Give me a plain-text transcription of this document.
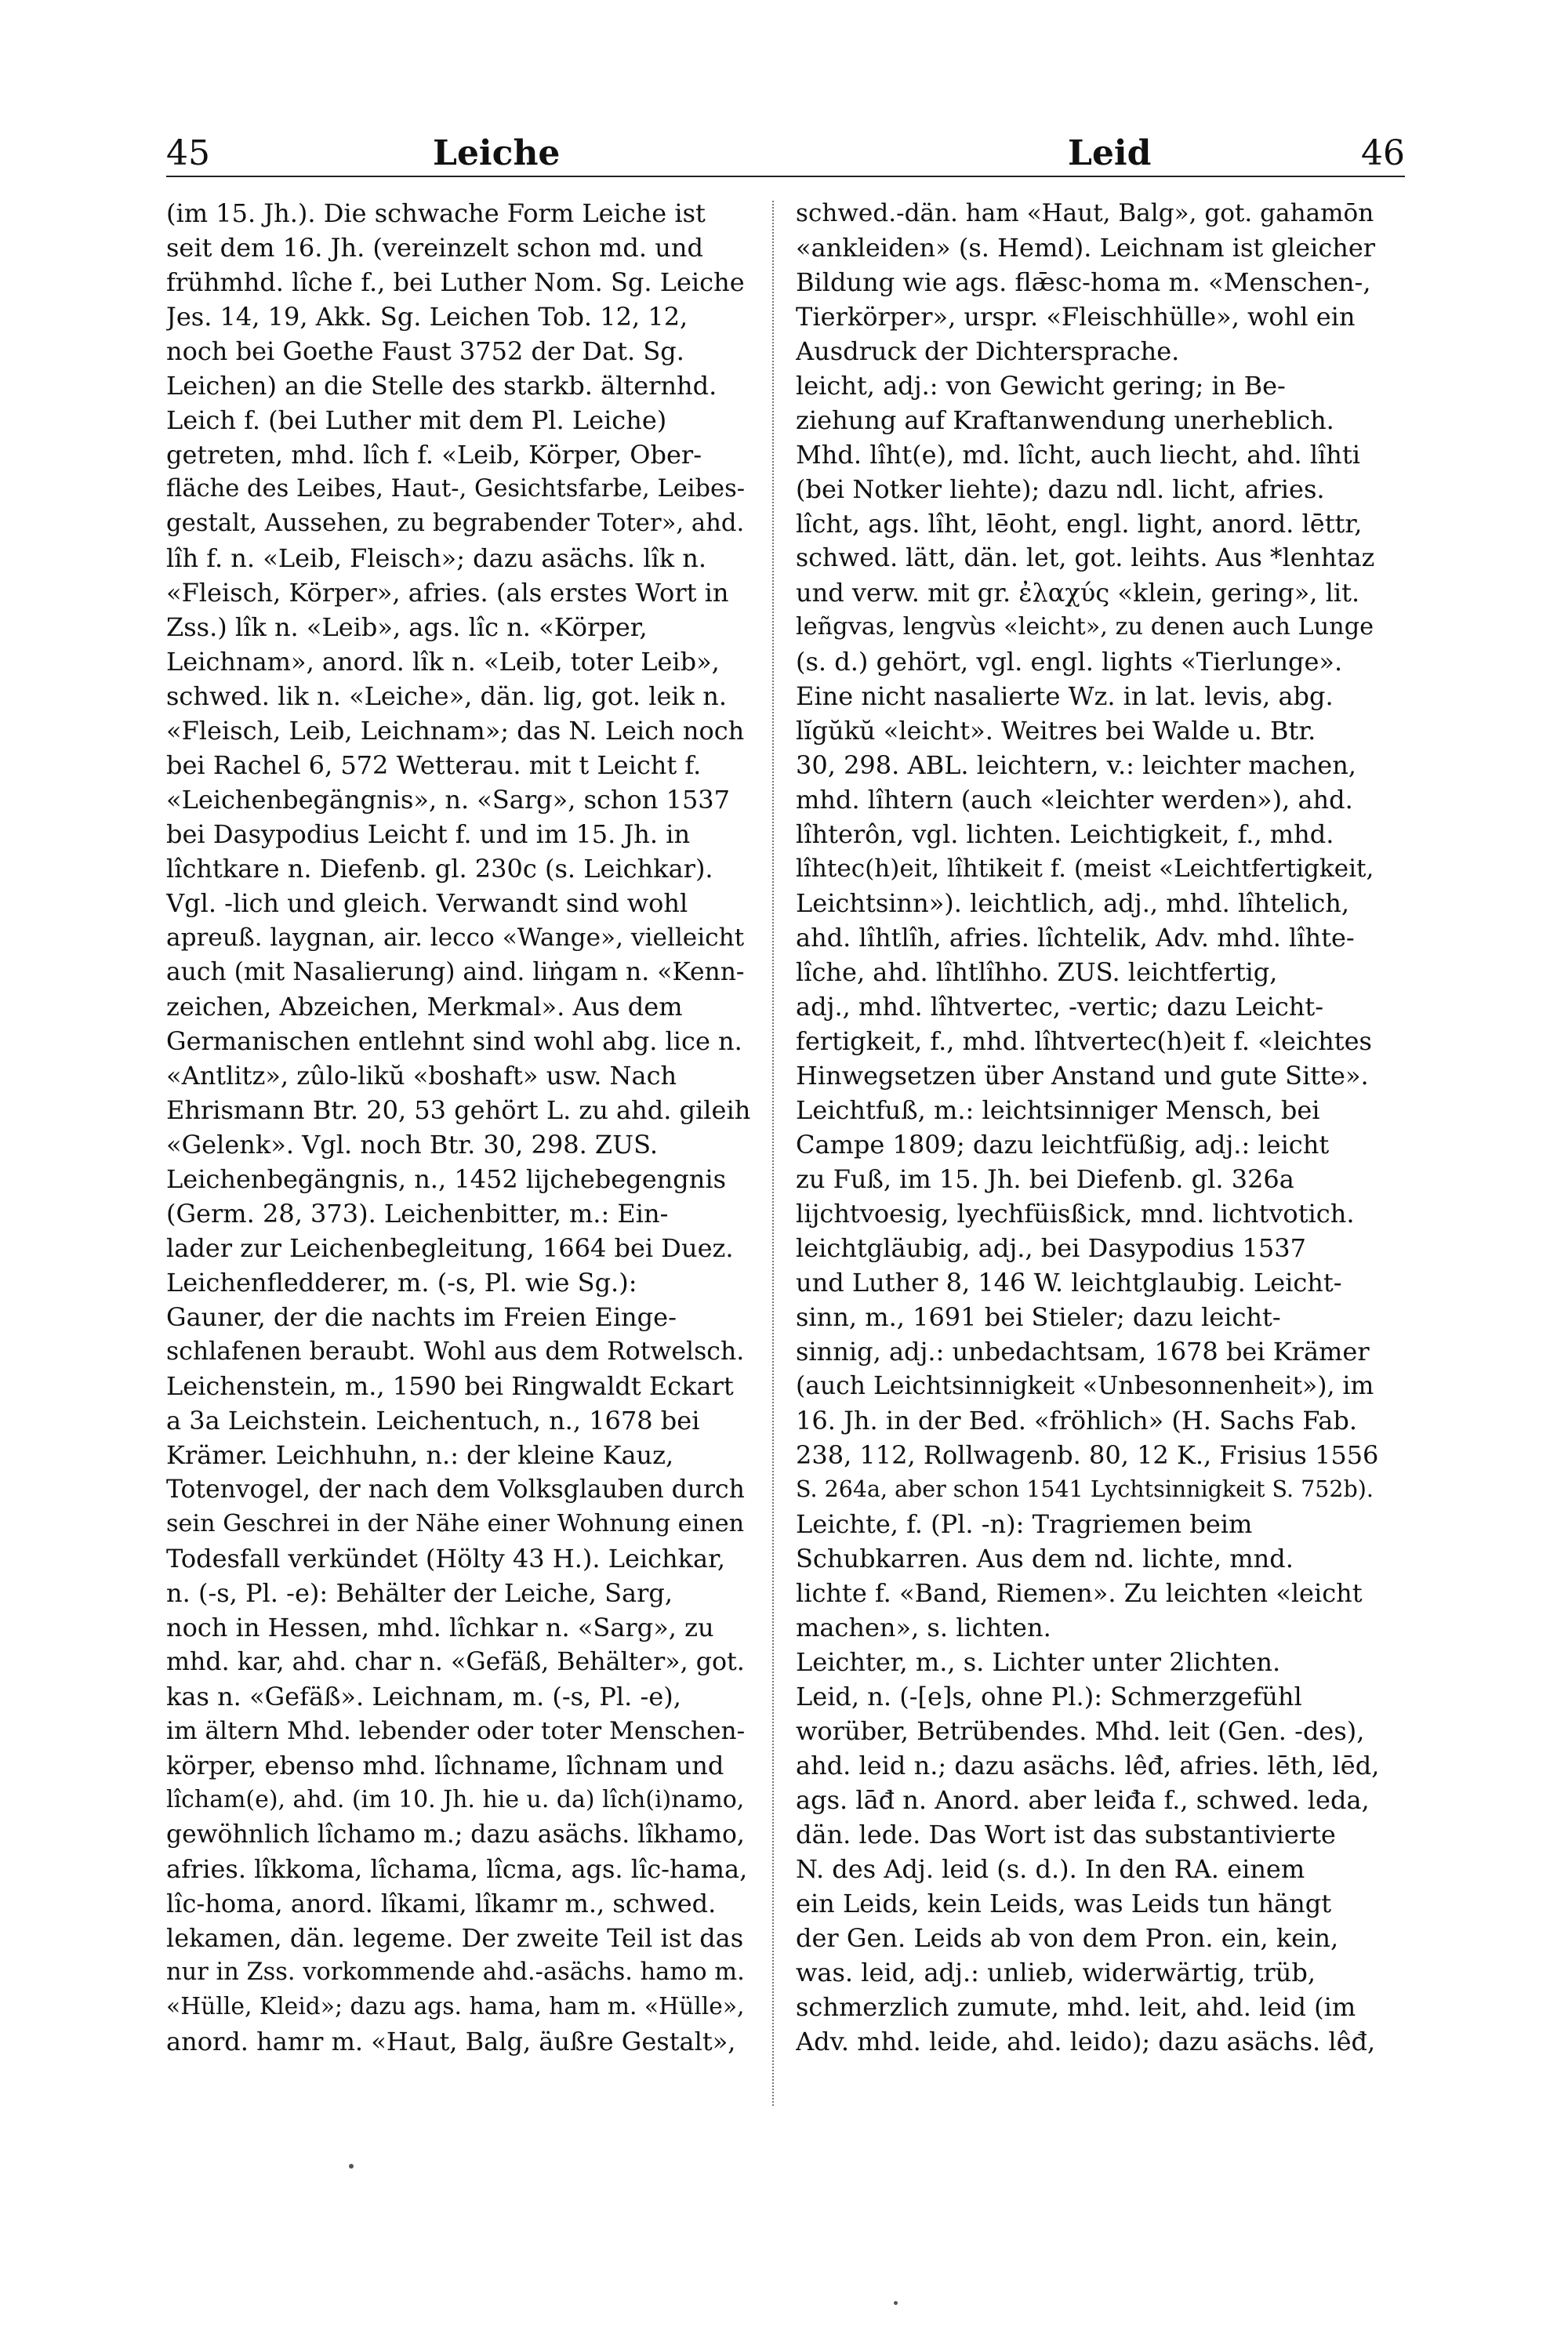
45	Leiche	Leid	46
(im 15. Jh.). Die schwache Form Leiche ist
seit dem 16. Jh. (vereinzelt schon md. und
frühmhd. lîche f., bei Luther Nom. Sg. Leiche
Jes. 14, 19, Akk. Sg. Leichen Tob. 12, 12,
noch bei Goethe Faust 3752 der Dat. Sg.
Leichen) an die Stelle des starkb. älternhd.
Leich f. (bei Luther mit dem Pl. Leiche)
getreten, mhd. lîch f. «Leib, Körper, Ober-
fläche des Leibes, Haut-, Gesichtsfarbe, Leibes-
gestalt, Aussehen, zu begrabender Toter», ahd.
lîh f. n. «Leib, Fleisch»; dazu asächs. lîk n.
«Fleisch, Körper», afries. (als erstes Wort in
Zss.) lîk n. «Leib», ags. lîc n. «Körper,
Leichnam», anord. lîk n. «Leib, toter Leib»,
schwed. lik n. «Leiche», dän. lig, got. leik n.
«Fleisch, Leib, Leichnam»; das N. Leich noch
bei Rachel 6, 572 Wetterau. mit t Leicht f.
«Leichenbegängnis», n. «Sarg», schon 1537
bei Dasypodius Leicht f. und im 15. Jh. in
lîchtkare n. Diefenb. gl. 230c (s. Leichkar).
Vgl. -lich und gleich. Verwandt sind wohl
apreuß. laygnan, air. lecco «Wange», vielleicht
auch (mit Nasalierung) aind. liṅgam n. «Kenn-
zeichen, Abzeichen, Merkmal». Aus dem
Germanischen entlehnt sind wohl abg. lice n.
«Antlitz», zûlo-likŭ «boshaft» usw. Nach
Ehrismann Btr. 20, 53 gehört L. zu ahd. gileih
«Gelenk». Vgl. noch Btr. 30, 298. ZUS.
Leichenbegängnis, n., 1452 lijchebegengnis
(Germ. 28, 373). Leichenbitter, m.: Ein-
lader zur Leichenbegleitung, 1664 bei Duez.
Leichenfledderer, m. (-s, Pl. wie Sg.):
Gauner, der die nachts im Freien Einge-
schlafenen beraubt. Wohl aus dem Rotwelsch.
Leichenstein, m., 1590 bei Ringwaldt Eckart
a 3a Leichstein. Leichentuch, n., 1678 bei
Krämer. Leichhuhn, n.: der kleine Kauz,
Totenvogel, der nach dem Volksglauben durch
sein Geschrei in der Nähe einer Wohnung einen
Todesfall verkündet (Hölty 43 H.). Leichkar,
n. (-s, Pl. -e): Behälter der Leiche, Sarg,
noch in Hessen, mhd. lîchkar n. «Sarg», zu
mhd. kar, ahd. char n. «Gefäß, Behälter», got.
kas n. «Gefäß». Leichnam, m. (-s, Pl. -e),
im ältern Mhd. lebender oder toter Menschen-
körper, ebenso mhd. lîchname, lîchnam und
lîcham(e), ahd. (im 10. Jh. hie u. da) lîch(i)namo,
gewöhnlich lîchamo m.; dazu asächs. lîkhamo,
afries. lîkkoma, lîchama, lîcma, ags. lîc-hama,
lîc-homa, anord. lîkami, lîkamr m., schwed.
lekamen, dän. legeme. Der zweite Teil ist das
nur in Zss. vorkommende ahd.-asächs. hamo m.
«Hülle, Kleid»; dazu ags. hama, ham m. «Hülle»,
anord. hamr m. «Haut, Balg, äußre Gestalt»,
schwed.-dän. ham «Haut, Balg», got. gahamōn
«ankleiden» (s. Hemd). Leichnam ist gleicher
Bildung wie ags. flǣsc-homa m. «Menschen-,
Tierkörper», urspr. «Fleischhülle», wohl ein
Ausdruck der Dichtersprache.
leicht, adj.: von Gewicht gering; in Be-
ziehung auf Kraftanwendung unerheblich.
Mhd. lîht(e), md. lîcht, auch liecht, ahd. lîhti
(bei Notker liehte); dazu ndl. licht, afries.
lîcht, ags. lîht, lēoht, engl. light, anord. lēttr,
schwed. lätt, dän. let, got. leihts. Aus *lenhtaz
und verw. mit gr. ἐλαχύς «klein, gering», lit.
leñgvas, lengvùs «leicht», zu denen auch Lunge
(s. d.) gehört, vgl. engl. lights «Tierlunge».
Eine nicht nasalierte Wz. in lat. levis, abg.
lĭgŭkŭ «leicht». Weitres bei Walde u. Btr.
30, 298. ABL. leichtern, v.: leichter machen,
mhd. lîhtern (auch «leichter werden»), ahd.
lîhterôn, vgl. lichten. Leichtigkeit, f., mhd.
lîhtec(h)eit, lîhtikeit f. (meist «Leichtfertigkeit,
Leichtsinn»). leichtlich, adj., mhd. lîhtelich,
ahd. lîhtlîh, afries. lîchtelik, Adv. mhd. lîhte-
lîche, ahd. lîhtlîhho. ZUS. leichtfertig,
adj., mhd. lîhtvertec, -vertic; dazu Leicht-
fertigkeit, f., mhd. lîhtvertec(h)eit f. «leichtes
Hinwegsetzen über Anstand und gute Sitte».
Leichtfuß, m.: leichtsinniger Mensch, bei
Campe 1809; dazu leichtfüßig, adj.: leicht
zu Fuß, im 15. Jh. bei Diefenb. gl. 326a
lijchtvoesig, lyechfüisßick, mnd. lichtvotich.
leichtgläubig, adj., bei Dasypodius 1537
und Luther 8, 146 W. leichtglaubig. Leicht-
sinn, m., 1691 bei Stieler; dazu leicht-
sinnig, adj.: unbedachtsam, 1678 bei Krämer
(auch Leichtsinnigkeit «Unbesonnenheit»), im
16. Jh. in der Bed. «fröhlich» (H. Sachs Fab.
238, 112, Rollwagenb. 80, 12 K., Frisius 1556
S. 264a, aber schon 1541 Lychtsinnigkeit S. 752b).
Leichte, f. (Pl. -n): Tragriemen beim
Schubkarren. Aus dem nd. lichte, mnd.
lichte f. «Band, Riemen». Zu leichten «leicht
machen», s. lichten.
Leichter, m., s. Lichter unter 2lichten.
Leid, n. (-[e]s, ohne Pl.): Schmerzgefühl
worüber, Betrübendes. Mhd. leit (Gen. -des),
ahd. leid n.; dazu asächs. lêđ, afries. lēth, lēd,
ags. lāđ n. Anord. aber leiđa f., schwed. leda,
dän. lede. Das Wort ist das substantivierte
N. des Adj. leid (s. d.). In den RA. einem
ein Leids, kein Leids, was Leids tun hängt
der Gen. Leids ab von dem Pron. ein, kein,
was. leid, adj.: unlieb, widerwärtig, trüb,
schmerzlich zumute, mhd. leit, ahd. leid (im
Adv. mhd. leide, ahd. leido); dazu asächs. lêđ,
